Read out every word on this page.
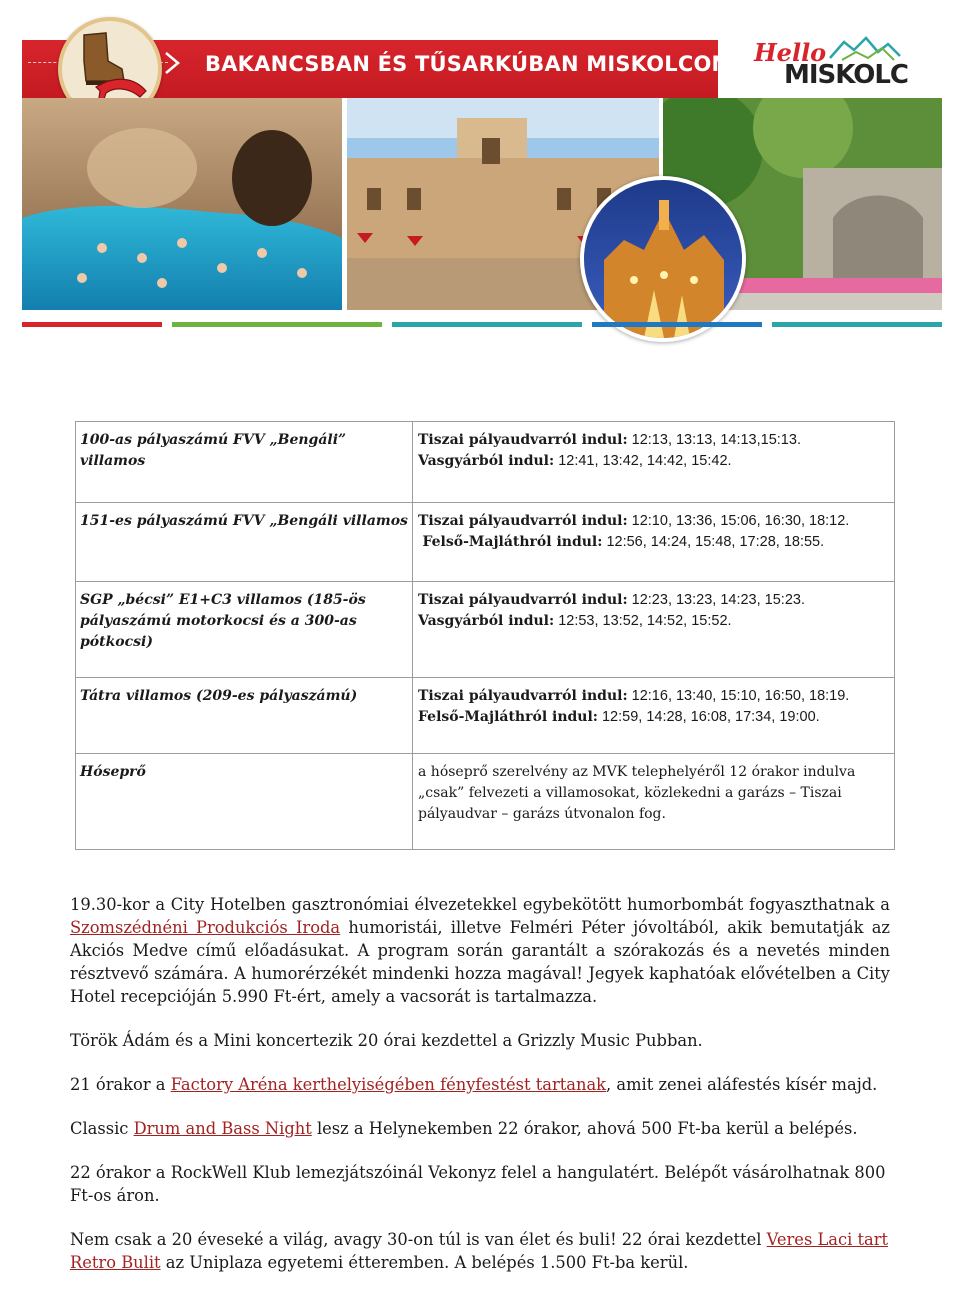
BAKANCSBAN ÉS TŰSARKÚBAN MISKOLCON Hello
MISKOLC
100-as pályaszámú FVV „Bengáli” villamos	Tiszai pályaudvarról indul: 12:13, 13:13, 14:13,15:13.
Vasgyárból indul: 12:41, 13:42, 14:42, 15:42.

151-es pályaszámú FVV „Bengáli villamos	Tiszai pályaudvarról indul: 12:10, 13:36, 15:06, 16:30, 18:12.
Felső-Majláthról indul: 12:56, 14:24, 15:48, 17:28, 18:55.

SGP „bécsi” E1+C3 villamos (185-ös pályaszámú motorkocsi és a 300-as pótkocsi)	Tiszai pályaudvarról indul: 12:23, 13:23, 14:23, 15:23.
Vasgyárból indul: 12:53, 13:52, 14:52, 15:52.

Tátra villamos (209-es pályaszámú)	Tiszai pályaudvarról indul: 12:16, 13:40, 15:10, 16:50, 18:19.
Felső-Majláthról indul: 12:59, 14:28, 16:08, 17:34, 19:00.

Hóseprő	a hóseprő szerelvény az MVK telephelyéről 12 órakor indulva „csak” felvezeti a villamosokat, közlekedni a garázs – Tiszai pályaudvar – garázs útvonalon fog.

19.30-kor a City Hotelben gasztronómiai élvezetekkel egybekötött humorbombát fogyaszthatnak a Szomszédnéni Produkciós Iroda humoristái, illetve Felméri Péter jóvoltából, akik bemutatják az Akciós Medve című előadásukat. A program során garantált a szórakozás és a nevetés minden résztvevő számára. A humorérzékét mindenki hozza magával! Jegyek kaphatóak elővételben a City Hotel recepcióján 5.990 Ft-ért, amely a vacsorát is tartalmazza.

Török Ádám és a Mini koncertezik 20 órai kezdettel a Grizzly Music Pubban.

21 órakor a Factory Aréna kerthelyiségében fényfestést tartanak, amit zenei aláfestés kísér majd.

Classic Drum and Bass Night lesz a Helynekemben 22 órakor, ahová 500 Ft-ba kerül a belépés.

22 órakor a RockWell Klub lemezjátszóinál Vekonyz felel a hangulatért. Belépőt vásárolhatnak 800 Ft-os áron.

Nem csak a 20 éveseké a világ, avagy 30-on túl is van élet és buli! 22 órai kezdettel Veres Laci tart Retro Bulit az Uniplaza egyetemi étteremben. A belépés 1.500 Ft-ba kerül.
